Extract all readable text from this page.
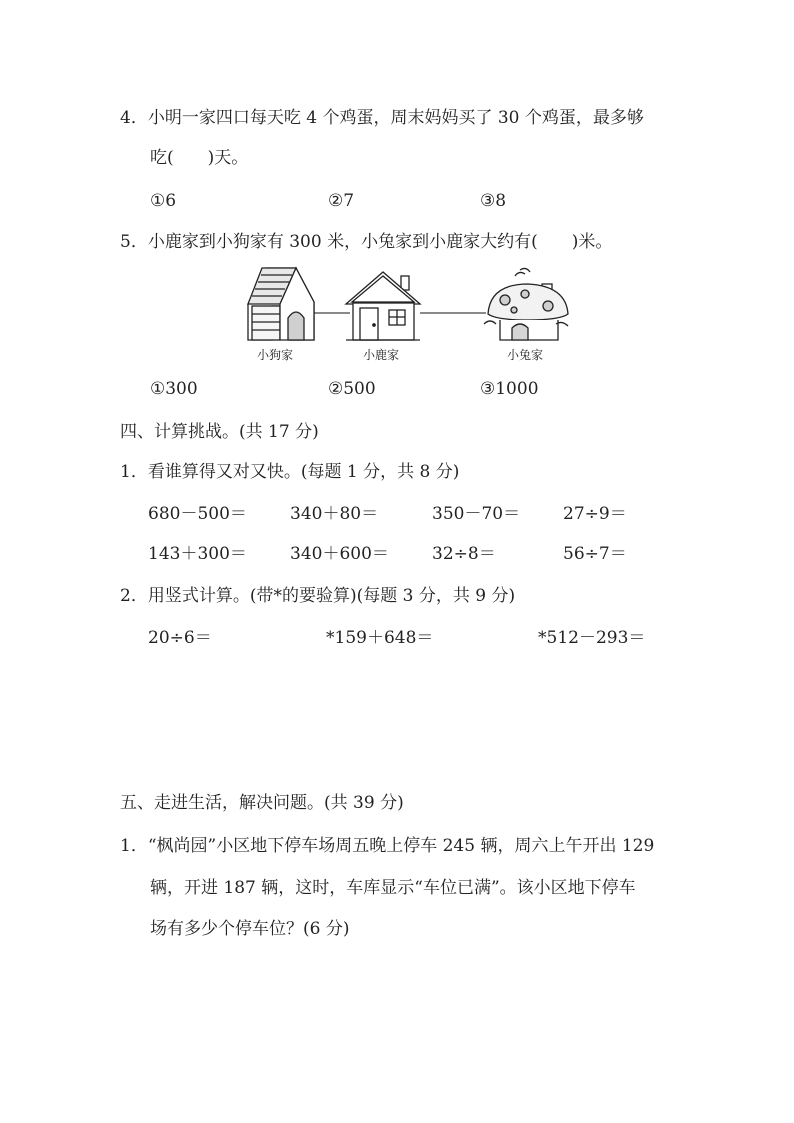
4．小明一家四口每天吃 4 个鸡蛋，周末妈妈买了 30 个鸡蛋，最多够
吃(　　)天。
①6	②7	③8
5．小鹿家到小狗家有 300 米，小兔家到小鹿家大约有(　　)米。
小狗家	小鹿家	小兔家
①300	②500	③1000
四、计算挑战。(共 17 分)
1．看谁算得又对又快。(每题 1 分，共 8 分)
680－500＝	340＋80＝	350－70＝	27÷9＝
143＋300＝	340＋600＝	32÷8＝	56÷7＝
2．用竖式计算。(带*的要验算)(每题 3 分，共 9 分)
20÷6＝	*159＋648＝	*512－293＝
五、走进生活，解决问题。(共 39 分)
1．“枫尚园”小区地下停车场周五晚上停车 245 辆，周六上午开出 129
辆，开进 187 辆，这时，车库显示“车位已满”。该小区地下停车
场有多少个停车位？(6 分)
